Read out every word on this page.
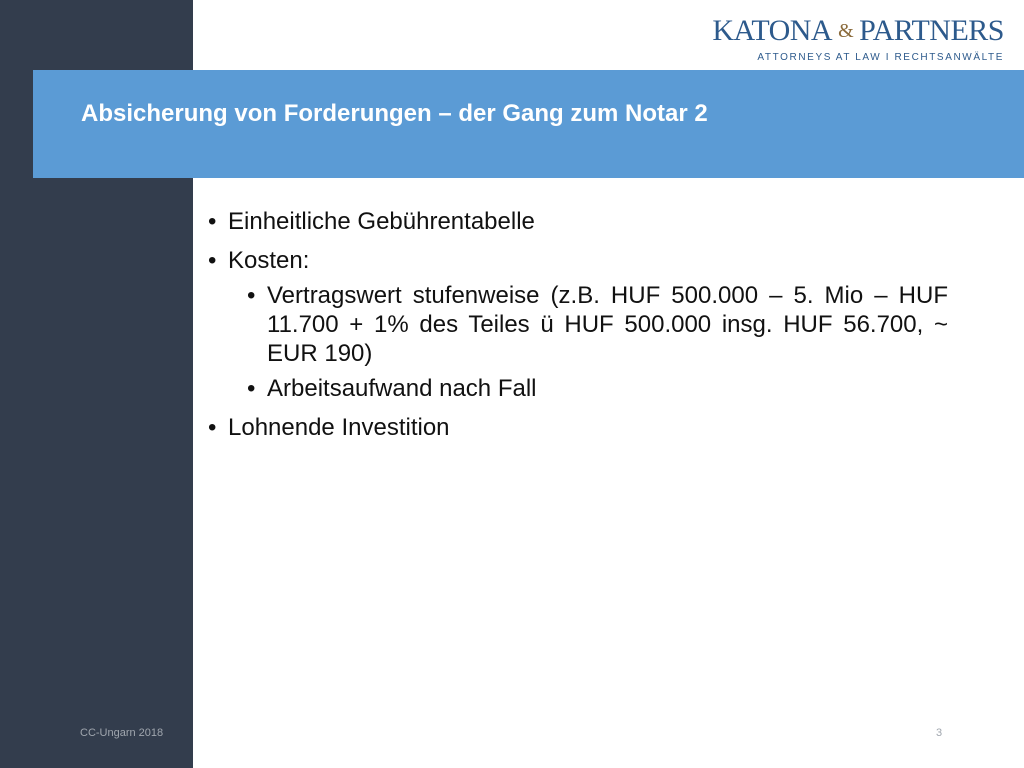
KATONA & PARTNERS
ATTORNEYS AT LAW I RECHTSANWÄLTE
Absicherung von Forderungen – der Gang zum Notar 2
• Einheitliche Gebührentabelle
• Kosten:
• Vertragswert stufenweise (z.B. HUF 500.000 – 5. Mio – HUF 11.700 + 1% des Teiles ü HUF 500.000 insg. HUF 56.700, ~ EUR 190)
• Arbeitsaufwand nach Fall
• Lohnende Investition
CC-Ungarn 2018	3
